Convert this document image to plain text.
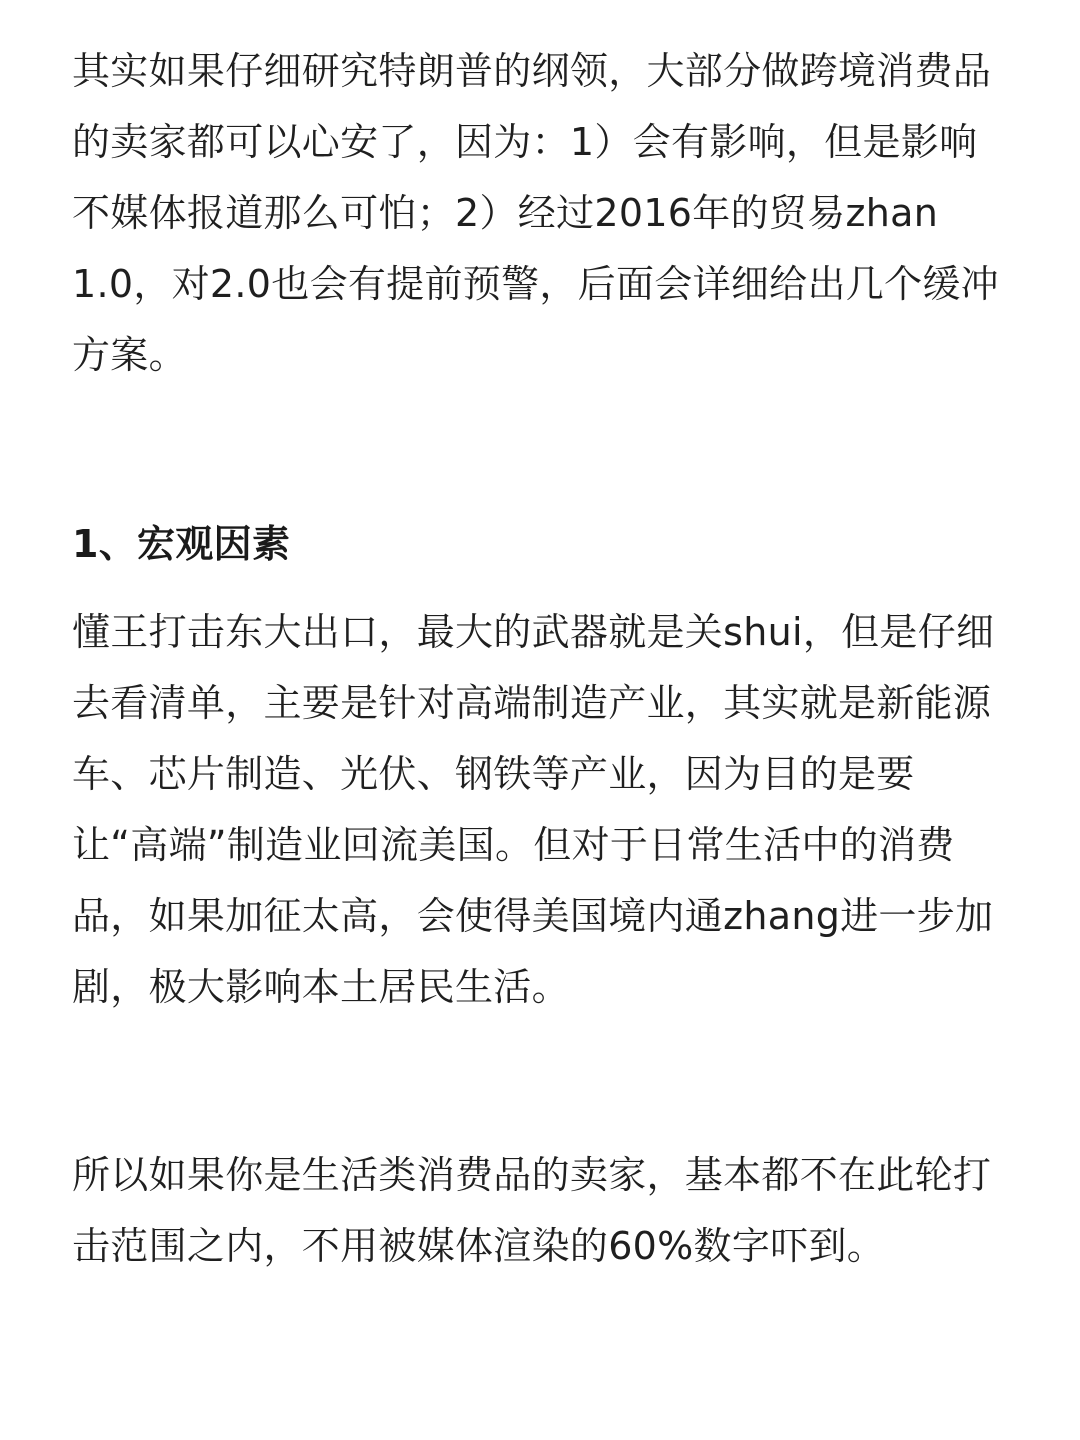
其实如果仔细研究特朗普的纲领，大部分做跨境消费品的卖家都可以心安了，因为：1）会有影响，但是影响不媒体报道那么可怕；2）经过2016年的贸易zhan 1.0，对2.0也会有提前预警，后面会详细给出几个缓冲方案。

1、宏观因素

懂王打击东大出口，最大的武器就是关shui，但是仔细去看清单，主要是针对高端制造产业，其实就是新能源车、芯片制造、光伏、钢铁等产业，因为目的是要让“高端”制造业回流美国。但对于日常生活中的消费品，如果加征太高，会使得美国境内通zhang进一步加剧，极大影响本土居民生活。

所以如果你是生活类消费品的卖家，基本都不在此轮打击范围之内，不用被媒体渲染的60%数字吓到。
